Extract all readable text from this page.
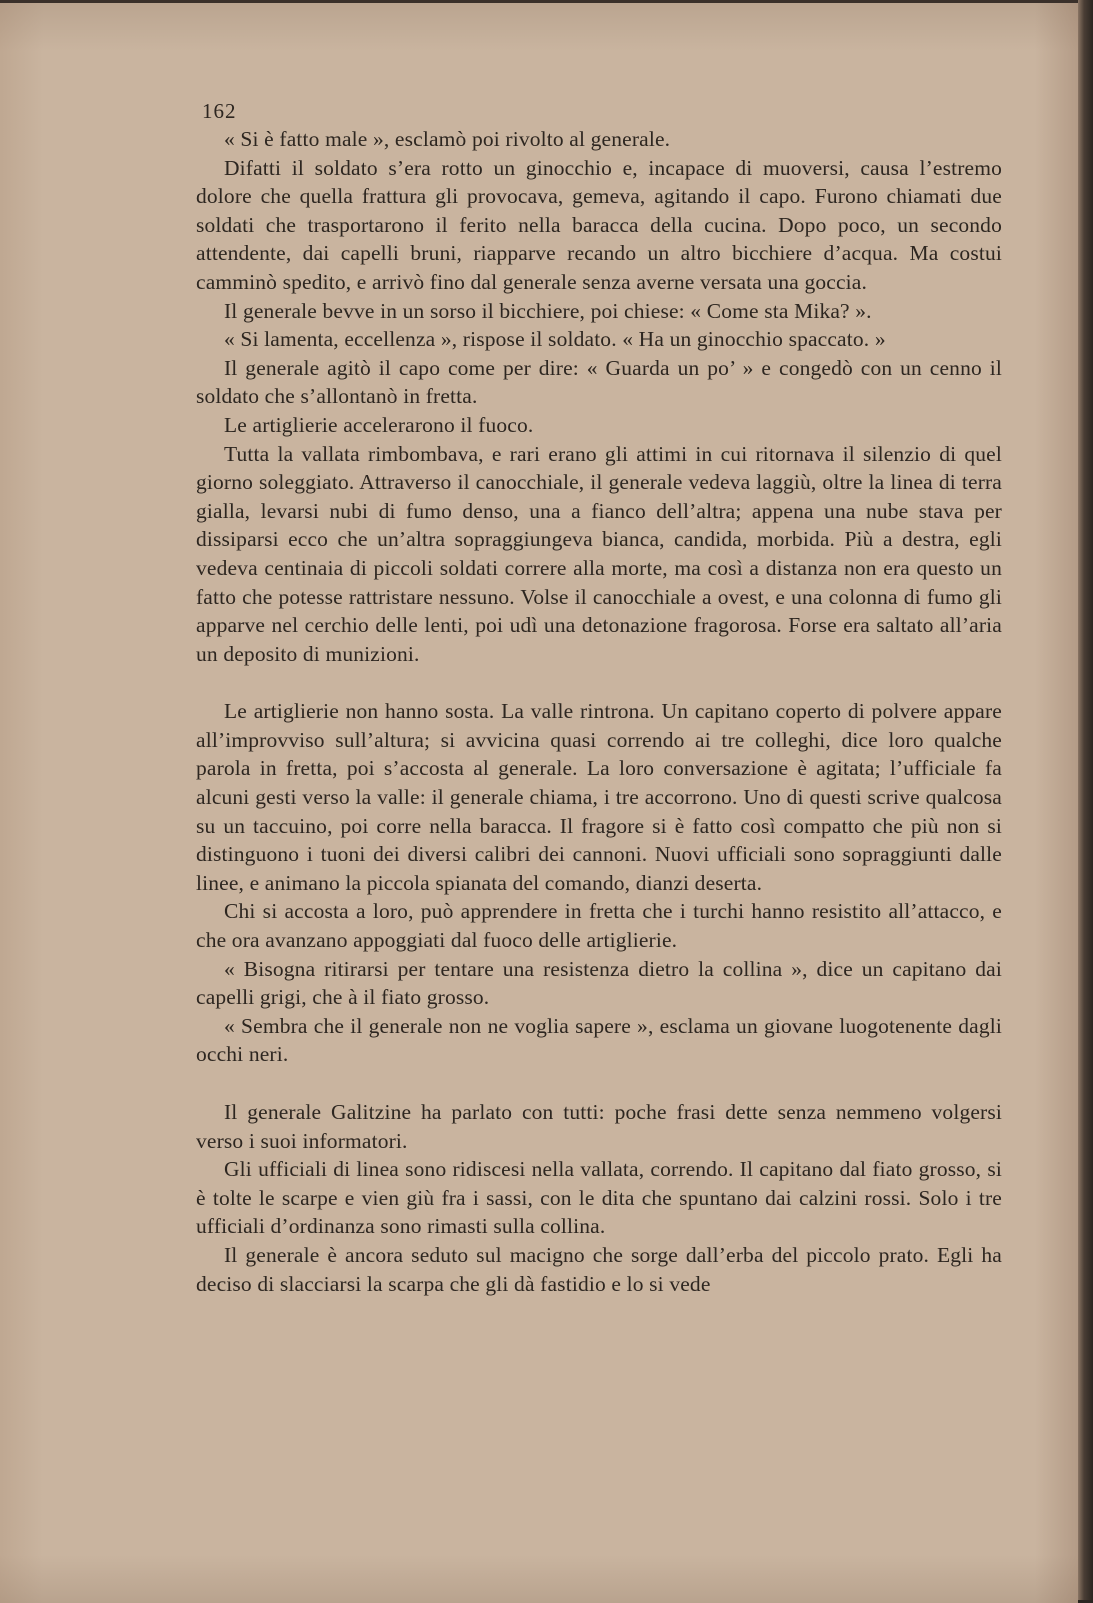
162

« Si è fatto male », esclamò poi rivolto al generale.

Difatti il soldato s’era rotto un ginocchio e, incapace di muoversi, causa l’estremo dolore che quella frattura gli provocava, gemeva, agitando il capo. Furono chiamati due soldati che trasportarono il ferito nella baracca della cucina. Dopo poco, un secondo attendente, dai capelli bruni, riapparve recando un altro bicchiere d’acqua. Ma costui camminò spedito, e arrivò fino dal generale senza averne versata una goccia.

Il generale bevve in un sorso il bicchiere, poi chiese: « Come sta Mika? ».

« Si lamenta, eccellenza », rispose il soldato. « Ha un ginocchio spaccato. »

Il generale agitò il capo come per dire: « Guarda un po’ » e congedò con un cenno il soldato che s’allontanò in fretta.

Le artiglierie accelerarono il fuoco.

Tutta la vallata rimbombava, e rari erano gli attimi in cui ritornava il silenzio di quel giorno soleggiato. Attraverso il canocchiale, il generale vedeva laggiù, oltre la linea di terra gialla, levarsi nubi di fumo denso, una a fianco dell’altra; appena una nube stava per dissiparsi ecco che un’altra sopraggiungeva bianca, candida, morbida. Più a destra, egli vedeva centinaia di piccoli soldati correre alla morte, ma così a distanza non era questo un fatto che potesse rattristare nessuno. Volse il canocchiale a ovest, e una colonna di fumo gli apparve nel cerchio delle lenti, poi udì una detonazione fragorosa. Forse era saltato all’aria un deposito di munizioni.

Le artiglierie non hanno sosta. La valle rintrona. Un capitano coperto di polvere appare all’improvviso sull’altura; si avvicina quasi correndo ai tre colleghi, dice loro qualche parola in fretta, poi s’accosta al generale. La loro conversazione è agitata; l’ufficiale fa alcuni gesti verso la valle: il generale chiama, i tre accorrono. Uno di questi scrive qualcosa su un taccuino, poi corre nella baracca. Il fragore si è fatto così compatto che più non si distinguono i tuoni dei diversi calibri dei cannoni. Nuovi ufficiali sono sopraggiunti dalle linee, e animano la piccola spianata del comando, dianzi deserta.

Chi si accosta a loro, può apprendere in fretta che i turchi hanno resistito all’attacco, e che ora avanzano appoggiati dal fuoco delle artiglierie.

« Bisogna ritirarsi per tentare una resistenza dietro la collina », dice un capitano dai capelli grigi, che à il fiato grosso.

« Sembra che il generale non ne voglia sapere », esclama un giovane luogotenente dagli occhi neri.

Il generale Galitzine ha parlato con tutti: poche frasi dette senza nemmeno volgersi verso i suoi informatori.

Gli ufficiali di linea sono ridiscesi nella vallata, correndo. Il capitano dal fiato grosso, si è tolte le scarpe e vien giù fra i sassi, con le dita che spuntano dai calzini rossi. Solo i tre ufficiali d’ordinanza sono rimasti sulla collina.

Il generale è ancora seduto sul macigno che sorge dall’erba del piccolo prato. Egli ha deciso di slacciarsi la scarpa che gli dà fastidio e lo si vede
